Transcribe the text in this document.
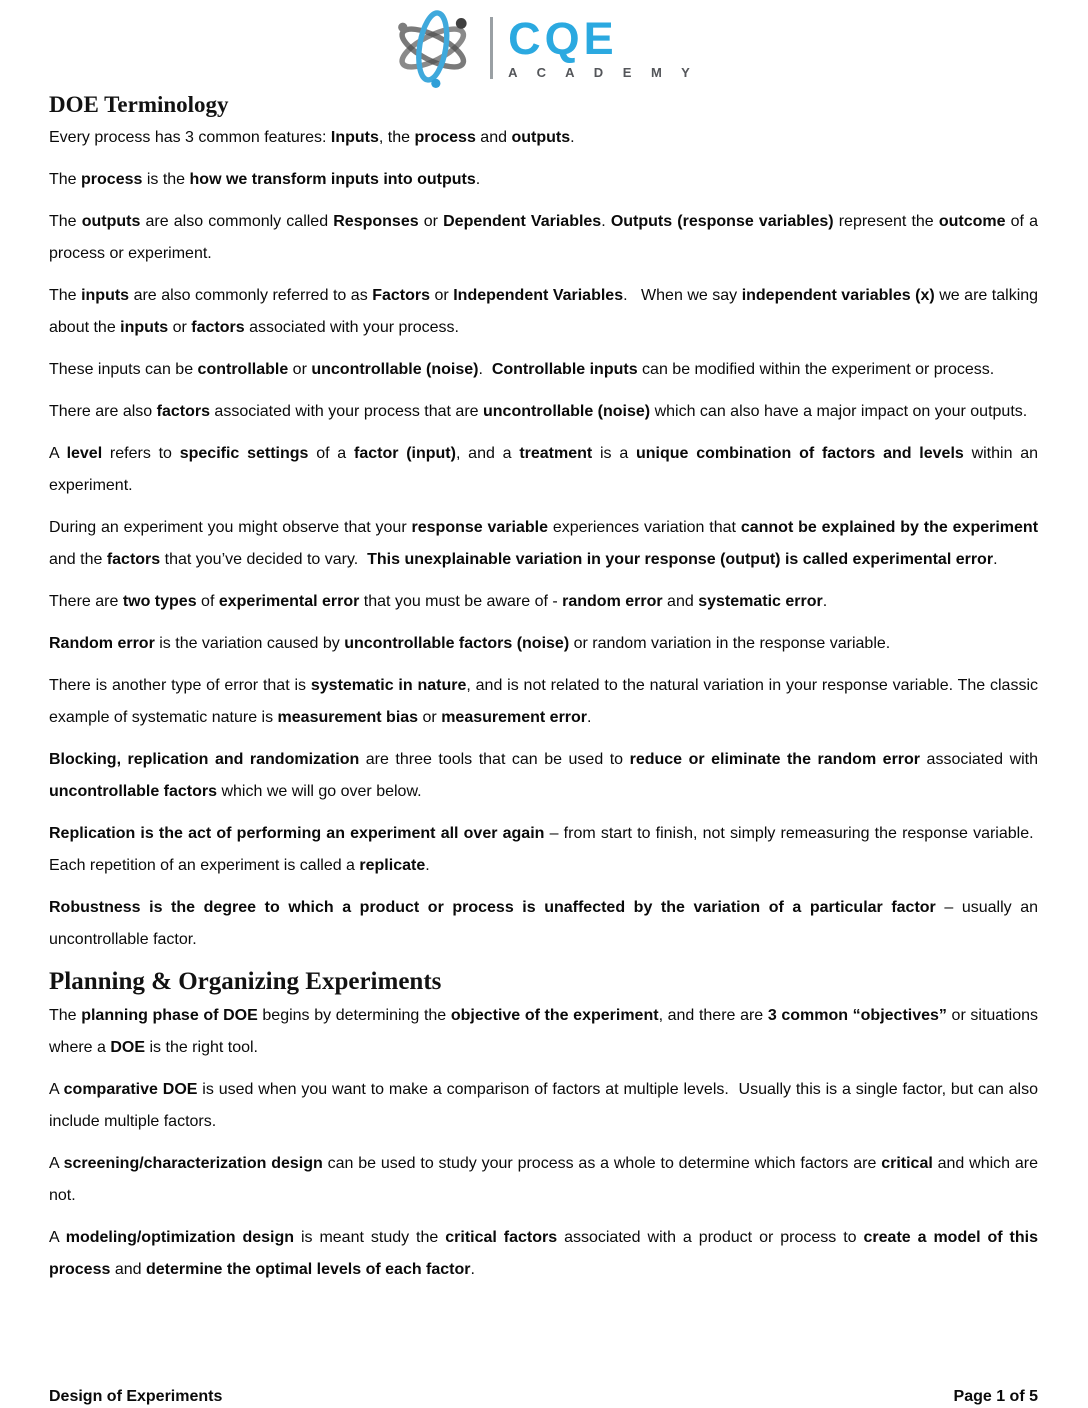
CQE
A C A D E M Y
DOE Terminology

Every process has 3 common features: Inputs, the process and outputs.

The process is the how we transform inputs into outputs.

The outputs are also commonly called Responses or Dependent Variables. Outputs (response variables) represent the outcome of a process or experiment.

The inputs are also commonly referred to as Factors or Independent Variables.   When we say independent variables (x) we are talking about the inputs or factors associated with your process.

These inputs can be controllable or uncontrollable (noise).  Controllable inputs can be modified within the experiment or process.

There are also factors associated with your process that are uncontrollable (noise) which can also have a major impact on your outputs.

A level refers to specific settings of a factor (input), and a treatment is a unique combination of factors and levels within an experiment.

During an experiment you might observe that your response variable experiences variation that cannot be explained by the experiment and the factors that you’ve decided to vary.  This unexplainable variation in your response (output) is called experimental error.

There are two types of experimental error that you must be aware of - random error and systematic error.

Random error is the variation caused by uncontrollable factors (noise) or random variation in the response variable.

There is another type of error that is systematic in nature, and is not related to the natural variation in your response variable. The classic example of systematic nature is measurement bias or measurement error.

Blocking, replication and randomization are three tools that can be used to reduce or eliminate the random error associated with uncontrollable factors which we will go over below.

Replication is the act of performing an experiment all over again – from start to finish, not simply remeasuring the response variable.  Each repetition of an experiment is called a replicate.

Robustness is the degree to which a product or process is unaffected by the variation of a particular factor – usually an uncontrollable factor.

Planning & Organizing Experiments

The planning phase of DOE begins by determining the objective of the experiment, and there are 3 common “objectives” or situations where a DOE is the right tool.

A comparative DOE is used when you want to make a comparison of factors at multiple levels.  Usually this is a single factor, but can also include multiple factors.

A screening/characterization design can be used to study your process as a whole to determine which factors are critical and which are not.

A modeling/optimization design is meant study the critical factors associated with a product or process to create a model of this process and determine the optimal levels of each factor.

Design of Experiments	Page 1 of 5
